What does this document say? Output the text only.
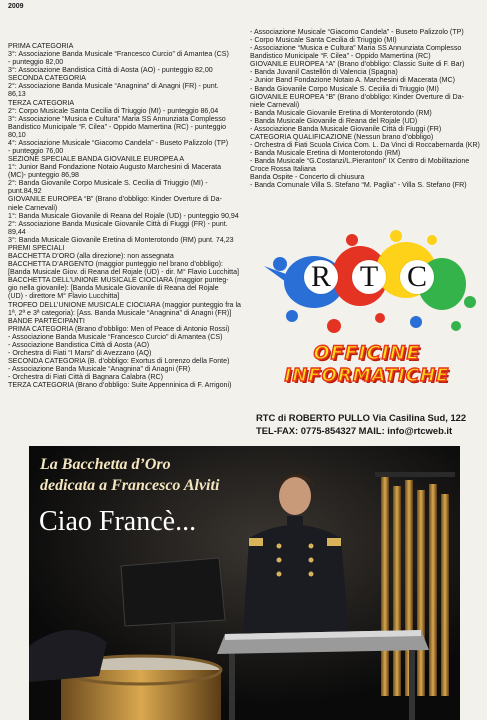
2009
PRIMA CATEGORIA
3°: Associazione Banda Musicale “Francesco Curcio” di Amantea (CS)
- punteggio 82,00
3°: Associazione Bandistica Città di Aosta (AO) - punteggio 82,00
SECONDA CATEGORIA
2°: Associazione Banda Musicale “Anagnina” di Anagni (FR) - punt.
86,13
TERZA CATEGORIA
2°: Corpo Musicale Santa Cecilia di Triuggio (MI) - punteggio 86,04
3°: Associazione “Musica e Cultura” Maria SS Annunziata Complesso
Bandistico Municipale “F. Cilea” - Oppido Mamertina (RC) - punteggio
80,10
4°: Associazione Musicale “Giacomo Candela” - Buseto Palizzolo (TP)
- punteggio 76,00
SEZIONE SPECIALE BANDA GIOVANILE EUROPEA A
1°: Junior Band Fondazione Notaio Augusto Marchesini di Macerata
(MC)- punteggio 86,98
2°: Banda Giovanile Corpo Musicale S. Cecilia di Triuggio (MI) -
punt.84,92
GIOVANILE EUROPEA “B” (Brano d’obbligo: Kinder Overture di Da-
niele Carnevali)
1°: Banda Musicale Giovanile di Reana del Rojale (UD) - punteggio 90,94
2°: Associazione Banda Musicale Giovanile Città di Fiuggi (FR) - punt.
89,44
3°: Banda Musicale Giovanile Eretina di Monterotondo (RM) punt. 74,23
PREMI SPECIALI
BACCHETTA D’ORO (alla direzione): non assegnata
BACCHETTA D’ARGENTO (maggior punteggio nel brano d’obbligo):
[Banda Musicale Giov. di Reana del Rojale (UD) - dir. M° Flavio Lucchitta]
BACCHETTA DELL’UNIONE MUSICALE CIOCIARA (maggior punteg-
gio nella giovanile): [Banda Musicale Giovanile di Reana del Rojale
(UD) - direttore M° Flavio Lucchitta]
TROFEO DELL’UNIONE MUSICALE CIOCIARA (maggior punteggio fra la
1ª, 2ª e 3ª categoria): [Ass. Banda Musicale “Anagnina” di Anagni (FR)]
BANDE PARTECIPANTI
PRIMA CATEGORIA (Brano d’obbligo: Men of Peace di Antonio Rossi)
- Associazione Banda Musicale “Francesco Curcio” di Amantea (CS)
- Associazione Bandistica Città di Aosta (AO)
- Orchestra di Fiati “I Marsi” di Avezzano (AQ)
SECONDA CATEGORIA (B. d’obbligo: Exortus di Lorenzo della Fonte)
- Associazione Banda Musicale “Anagnina” di Anagni (FR)
- Orchestra di Fiati Città di Bagnara Calabra (RC)
TERZA CATEGORIA (Brano d’obbligo: Suite Appenninica di F. Arrigoni)
- Associazione Musicale “Giacomo Candela” - Buseto Palizzolo (TP)
- Corpo Musicale Santa Cecilia di Triuggio (MI)
- Associazione “Musica e Cultura” Maria SS Annunziata Complesso
Bandistico Municipale “F. Cilea” - Oppido Mamertina (RC)
GIOVANILE EUROPEA “A” (Brano d’obbligo: Classic Suite di F. Bar)
- Banda Juvanil Castellón di Valencia (Spagna)
- Junior Band Fondazione Notaio A. Marchesini di Macerata (MC)
- Banda Giovanile Corpo Musicale S. Cecilia di Triuggio (MI)
GIOVANILE EUROPEA “B” (Brano d’obbligo: Kinder Overture di Da-
niele Carnevali)
- Banda Musicale Giovanile Eretina di Monterotondo (RM)
- Banda Musicale Giovanile di Reana del Rojale (UD)
- Associazione Banda Musicale Giovanile Città di Fiuggi (FR)
CATEGORIA QUALIFICAZIONE (Nessun brano d’obbligo)
- Orchestra di Fiati Scuola Civica Com. L. Da Vinci di Roccabernarda (KR)
- Banda Musicale Eretina di Monterotondo (RM)
- Banda Musicale “G.Costanzi/L.Pierantoni” IX Centro di Mobilitazione
Croce Rossa Italiana
Banda Ospite - Concerto di chiusura
- Banda Comunale Villa S. Stefano “M. Paglia” - Villa S. Stefano (FR)
R T C
OFFICINE
INFORMATICHE
RTC di ROBERTO PULLO Via Casilina Sud, 122
TEL-FAX: 0775-854327 MAIL: info@rtcweb.it
La Bacchetta d’Oro
dedicata a Francesco Alviti
Ciao Francè...
